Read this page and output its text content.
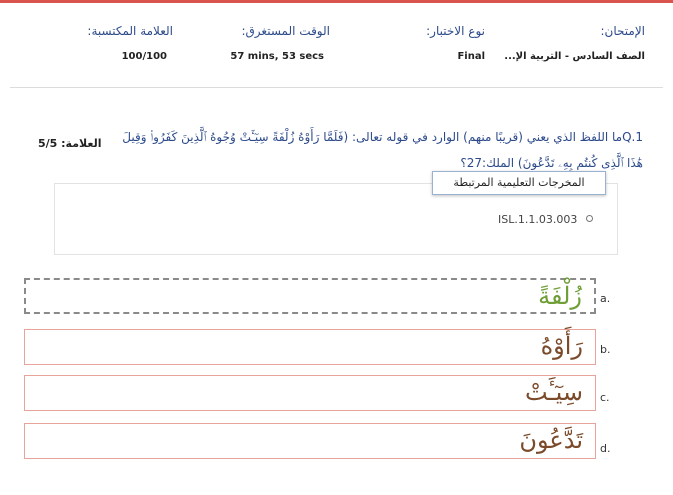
الإمتحان:
الصف السادس - التربية الإ...
نوع الاختبار:
Final
الوقت المستغرق:
57 mins, 53 secs
العلامة المكتسبة:
100/100
Q.1ما اللفظ الذي يعني (قريبًا منهم) الوارد في قوله تعالى: (فَلَمَّا رَأَوْهُ زُلْفَةً سِيٓـَٔتْ وُجُوهُ ٱلَّذِينَ كَفَرُوا۟ وَقِيلَ هَٰذَا ٱلَّذِى كُنتُم بِهِۦ تَدَّعُونَ) الملك:27؟
العلامة: 5/5
المخرجات التعليمية المرتبطة
ISL.1.1.03.003
زُلْفَةً a.
رَأَوْهُ b.
سِيٓـَٔتْ c.
تَدَّعُونَ d.
